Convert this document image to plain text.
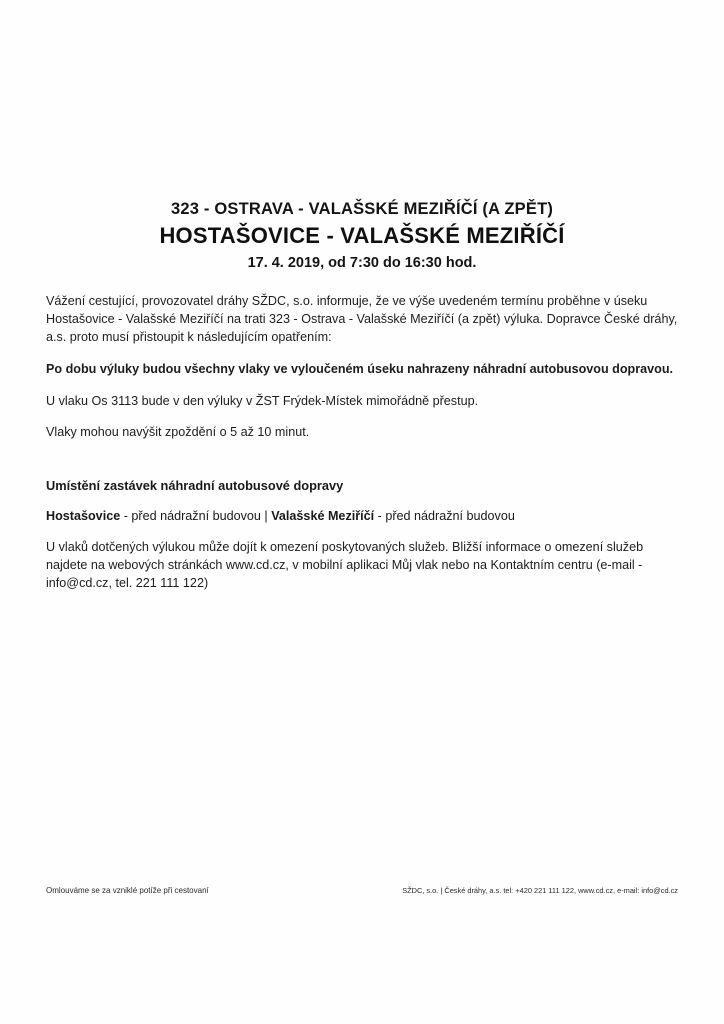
323 - OSTRAVA - VALAŠSKÉ MEZIŘÍČÍ (A ZPĚT)
HOSTAŠOVICE - VALAŠSKÉ MEZIŘÍČÍ
17. 4. 2019, od 7:30 do 16:30 hod.

Vážení cestující, provozovatel dráhy SŽDC, s.o. informuje, že ve výše uvedeném termínu proběhne v úseku Hostašovice - Valašské Meziříčí na trati 323 - Ostrava - Valašské Meziříčí (a zpět) výluka. Dopravce České dráhy, a.s. proto musí přistoupit k následujícím opatřením:

Po dobu výluky budou všechny vlaky ve vyloučeném úseku nahrazeny náhradní autobusovou dopravou.

U vlaku Os 3113 bude v den výluky v ŽST Frýdek-Místek mimořádně přestup.

Vlaky mohou navýšit zpoždění o 5 až 10 minut.

Umístění zastávek náhradní autobusové dopravy
Hostašovice - před nádražní budovou | Valašské Meziříčí - před nádražní budovou

U vlaků dotčených výlukou může dojít k omezení poskytovaných služeb. Bližší informace o omezení služeb najdete na webových stránkách www.cd.cz, v mobilní aplikaci Můj vlak nebo na Kontaktním centru (e-mail - info@cd.cz, tel. 221 111 122)

Omlouváme se za vzniklé potíže při cestovaní	SŽDC, s.o. | České dráhy, a.s. tel: +420 221 111 122, www.cd.cz, e-mail: info@cd.cz
